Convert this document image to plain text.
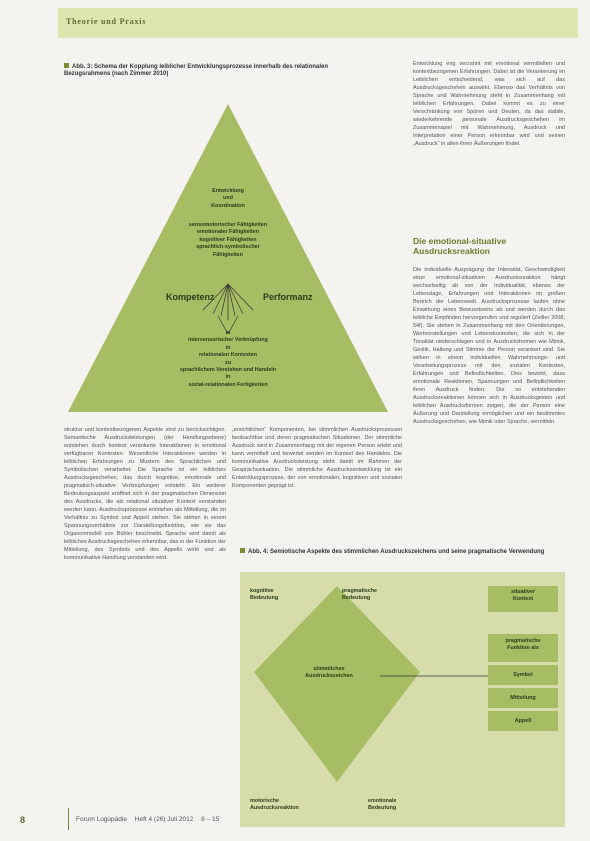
Theorie und Praxis
Abb. 3: Schema der Kopplung leiblicher Entwicklungsprozesse innerhalb des relationalen Bezugsrahmens (nach Zimmer 2010)
Entwicklung
und
Koordination
sensomotorischer Fähigkeiten
emotionaler Fähigkeiten
kognitiver Fähigkeiten
sprachlich-symbolischer
Fähigkeiten
Kompetenz	Performanz
in
intersensorischer Verknüpfung
in
relationalen Kontexten
zu
sprachlichem Verstehen und Handeln
in
sozial-relationalen Fertigkeiten
Entwicklung eng verzahnt mit emotional vermittelten und kontextbezogenen Erfahrungen. Dabei ist die Verankerung im Leiblichen entscheidend, was sich auf das Ausdrucksgeschehen auswirkt. Ebenso das Verhältnis von Sprache und Wahrnehmung steht in Zusammenhang mit leiblichen Erfahrungen. Dabei kommt es zu einer Verschränkung von Spüren und Deuten, da das stabile, wiederkehrende personale Ausdrucksgeschehen im Zusammenspiel mit Wahrnehmung, Ausdruck und Interpretation einer Person erkennbar wird und seinen „Ausdruck“ in allen ihren Äußerungen findet.
Die emotional-situative Ausdrucksreaktion
Die individuelle Ausprägung der Intensität, Geschwindigkeit einer emotional-situativen Ausdrucksreaktion hängt wechselseitig ab von der Individualität, ebenso der Lebenslage, Erfahrungen und Interaktionen im großen Bereich der Lebenswelt. Ausdrucksprozesse laufen ohne Einwirkung eines Bewusstseins ab und werden durch das leibliche Empfinden hervorgerufen und reguliert (Zeitler 2008, 54f). Sie stehen in Zusammenhang mit den Orientierungen, Wertvorstellungen und Lebenskontexten, die sich in der Tonalität niederschlagen und in Ausdrucksformen wie Mimik, Gestik, Haltung und Stimme der Person verankert sind. Sie wirken in einem individuellen Wahrnehmungs- und Verarbeitungsprozess mit den sozialen Kontexten, Erfahrungen und Befindlichkeiten. Dies bewirkt, dass emotionale Reaktionen, Spannungen und Befindlichkeiten ihren Ausdruck finden. Die so entstehenden Ausdrucksreaktionen können sich in Ausdrucksgesten und leiblichen Ausdrucksformen zeigen, die der Person eine Äußerung und Darstellung ermöglichen und ein bestimmtes Ausdrucksgeschehen, wie Mimik oder Sprache, vermitteln.
struktur und kontextbezogenen Aspekte sind zu berücksichtigen. Semantische Ausdrucksleistungen (der Handlungsebene) entstehen durch konkret verankerte Interaktionen in emotional verfügbaren Kontexten. Wesentliche Interaktionen werden in leiblichen Erfahrungen zu Mustern des Sprachlichen und Symbolischen verarbeitet. Die Sprache ist ein leibliches Ausdrucksgeschehen, das durch kognitive, emotionale und pragmatisch-situative Verknüpfungen entsteht. Ein weiterer Bedeutungsaspekt eröffnet sich in der pragmatischen Dimension des Ausdrucks, die als relational situativer Kontext verstanden werden kann. Ausdrucksprozesse entstehen als Mitteilung, die im Verhältnis zu Symbol und Appell stehen. Sie stehen in einem Spannungsverhältnis zur Darstellungsfunktion, wie sie das Organonmodell von Bühler beschreibt. Sprache wird damit als leibliches Ausdrucksgeschehen erkennbar, das in der Funktion der Mitteilung, des Symbols und des Appells wirkt und als kommunikative Handlung verstanden wird.
„ersichtlichen“ Komponenten, bei stimmlichen Ausdrucksprozessen beobachtbar und deren pragmatischen Situationen. Der stimmliche Ausdruck wird in Zusammenhang mit der eigenen Person erlebt und kann vermittelt und bewertet werden im Kontext des Handelns. Die kommunikative Ausdrucksleistung steht damit im Rahmen der Gesprächssituation. Die stimmliche Ausdrucksentwicklung ist ein Entwicklungsprozess, der von emotionalen, kognitiven und sozialen Komponenten geprägt ist.
Abb. 4: Semiotische Aspekte des stimmlichen Ausdruckszeichens und seine pragmatische Verwendung
kognitive
Bedeutung
pragmatische
Bedeutung
stimmliches
Ausdruckszeichen
motorische
Ausdrucksreaktion
emotionale
Bedeutung
situativer
Kontext
pragmatische
Funktion als
Symbol
Mitteilung
Appell
8	Forum Logopädie Heft 4 (26) Juli 2012 8 – 15
